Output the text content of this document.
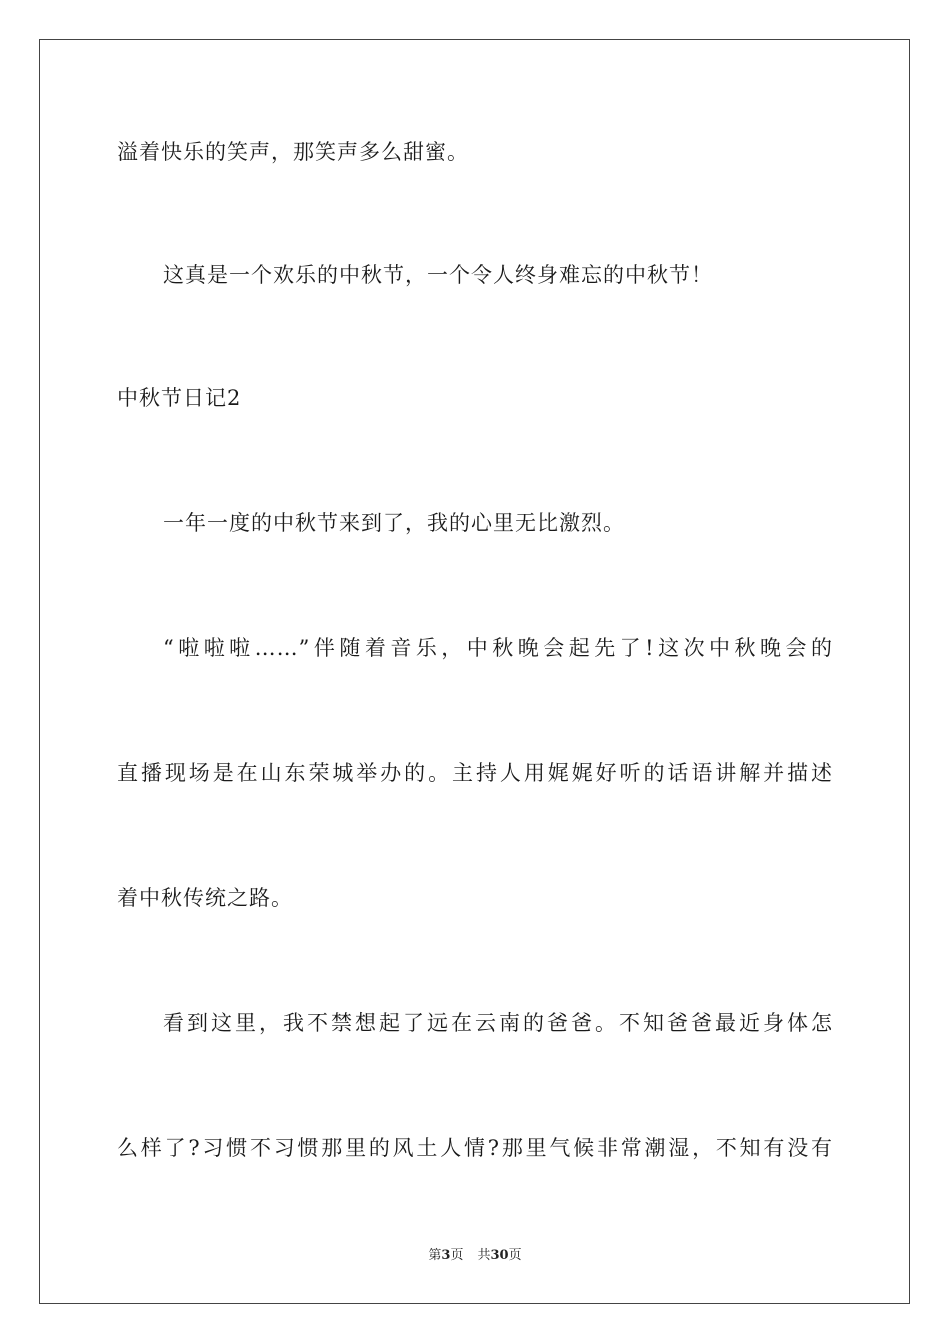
溢着快乐的笑声，那笑声多么甜蜜。
这真是一个欢乐的中秋节，一个令人终身难忘的中秋节！
中秋节日记2
一年一度的中秋节来到了，我的心里无比激烈。
“啦啦啦……”伴随着音乐，中秋晚会起先了!这次中秋晚会的
直播现场是在山东荣城举办的。主持人用娓娓好听的话语讲解并描述
着中秋传统之路。
看到这里，我不禁想起了远在云南的爸爸。不知爸爸最近身体怎
么样了?习惯不习惯那里的风土人情?那里气候非常潮湿，不知有没有
第3页 共30页
